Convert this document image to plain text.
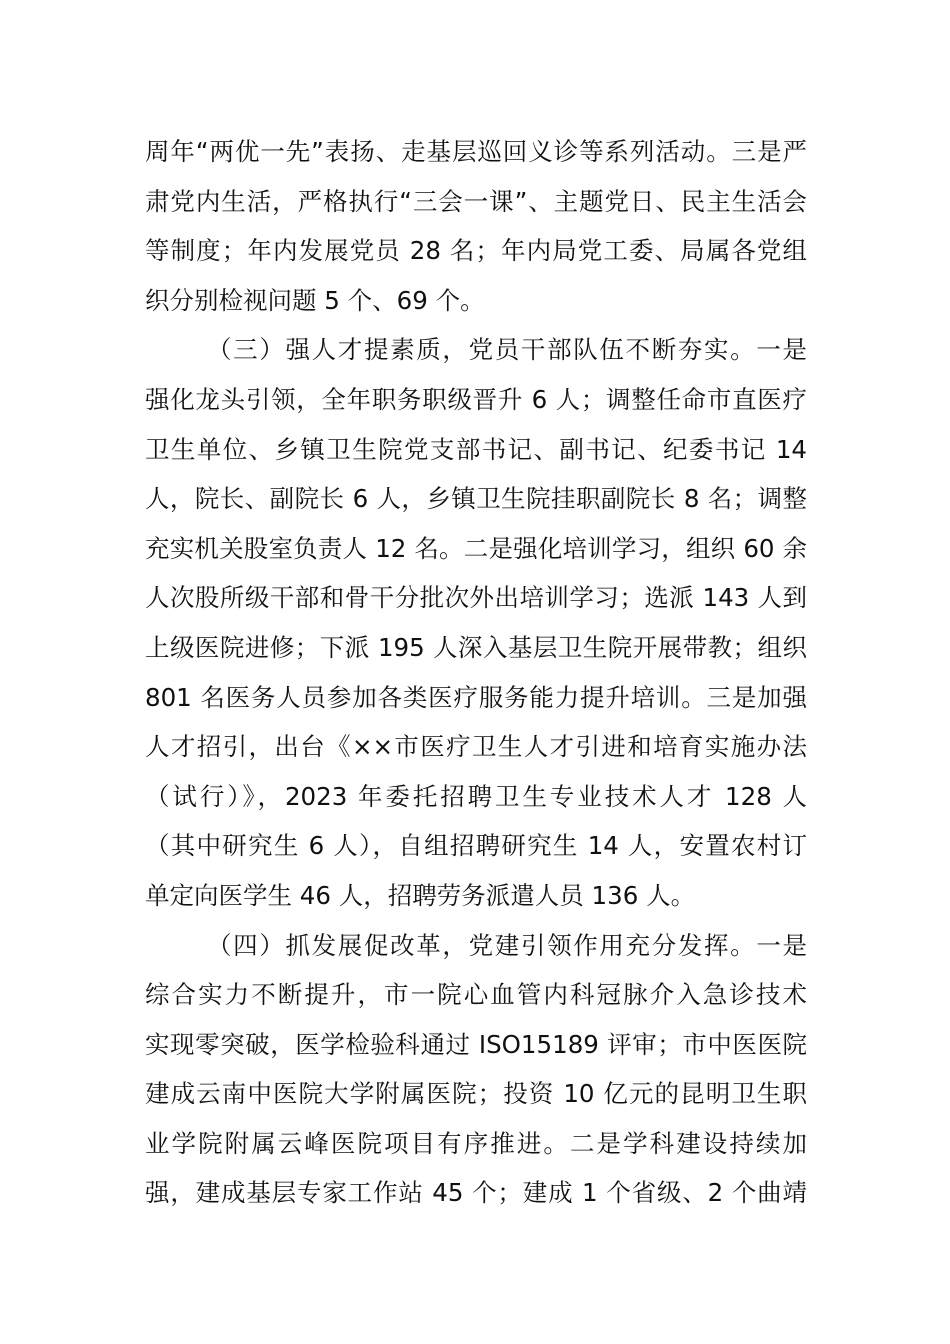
周年“两优一先”表扬、走基层巡回义诊等系列活动。三是严
肃党内生活，严格执行“三会一课”、主题党日、民主生活会
等制度；年内发展党员 28 名；年内局党工委、局属各党组
织分别检视问题 5 个、69 个。
（三）强人才提素质，党员干部队伍不断夯实。一是
强化龙头引领，全年职务职级晋升 6 人；调整任命市直医疗
卫生单位、乡镇卫生院党支部书记、副书记、纪委书记 14
人，院长、副院长 6 人，乡镇卫生院挂职副院长 8 名；调整
充实机关股室负责人 12 名。二是强化培训学习，组织 60 余
人次股所级干部和骨干分批次外出培训学习；选派 143 人到
上级医院进修；下派 195 人深入基层卫生院开展带教；组织
801 名医务人员参加各类医疗服务能力提升培训。三是加强
人才招引，出台《××市医疗卫生人才引进和培育实施办法
（试行）》，2023 年委托招聘卫生专业技术人才 128 人
（其中研究生 6 人），自组招聘研究生 14 人，安置农村订
单定向医学生 46 人，招聘劳务派遣人员 136 人。
（四）抓发展促改革，党建引领作用充分发挥。一是
综合实力不断提升，市一院心血管内科冠脉介入急诊技术
实现零突破，医学检验科通过 ISO15189 评审；市中医医院
建成云南中医院大学附属医院；投资 10 亿元的昆明卫生职
业学院附属云峰医院项目有序推进。二是学科建设持续加
强，建成基层专家工作站 45 个；建成 1 个省级、2 个曲靖
